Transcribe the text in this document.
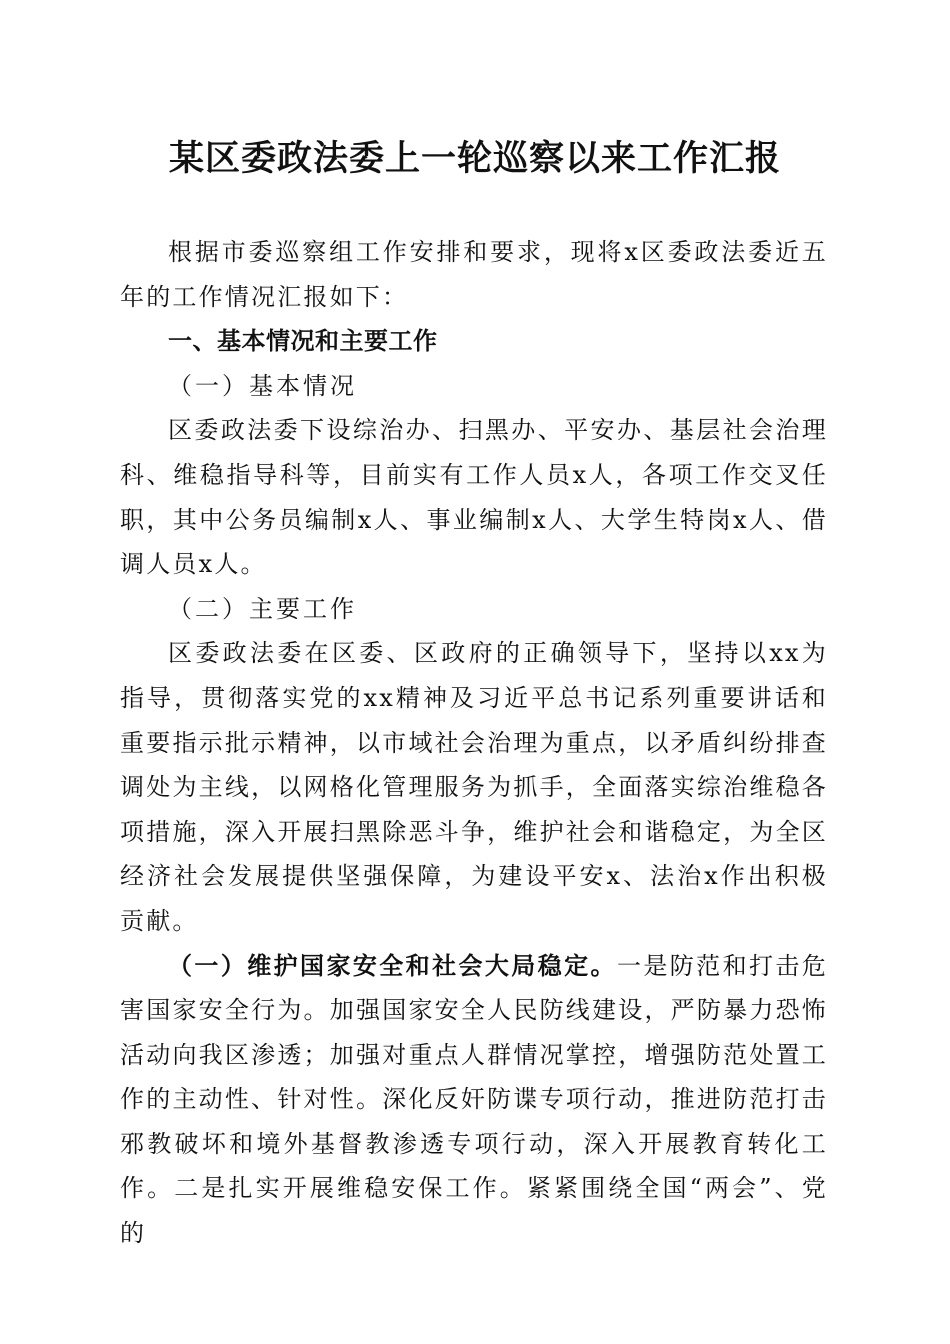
某区委政法委上一轮巡察以来工作汇报

根据市委巡察组工作安排和要求，现将x区委政法委近五年的工作情况汇报如下：

一、基本情况和主要工作

（一）基本情况

区委政法委下设综治办、扫黑办、平安办、基层社会治理科、维稳指导科等，目前实有工作人员x人，各项工作交叉任职，其中公务员编制x人、事业编制x人、大学生特岗x人、借调人员x人。

（二）主要工作

区委政法委在区委、区政府的正确领导下，坚持以xx为指导，贯彻落实党的xx精神及习近平总书记系列重要讲话和重要指示批示精神，以市域社会治理为重点，以矛盾纠纷排查调处为主线，以网格化管理服务为抓手，全面落实综治维稳各项措施，深入开展扫黑除恶斗争，维护社会和谐稳定，为全区经济社会发展提供坚强保障，为建设平安x、法治x作出积极贡献。

（一）维护国家安全和社会大局稳定。一是防范和打击危害国家安全行为。加强国家安全人民防线建设，严防暴力恐怖活动向我区渗透；加强对重点人群情况掌控，增强防范处置工作的主动性、针对性。深化反奸防谍专项行动，推进防范打击邪教破坏和境外基督教渗透专项行动，深入开展教育转化工作。二是扎实开展维稳安保工作。紧紧围绕全国“两会”、党的
